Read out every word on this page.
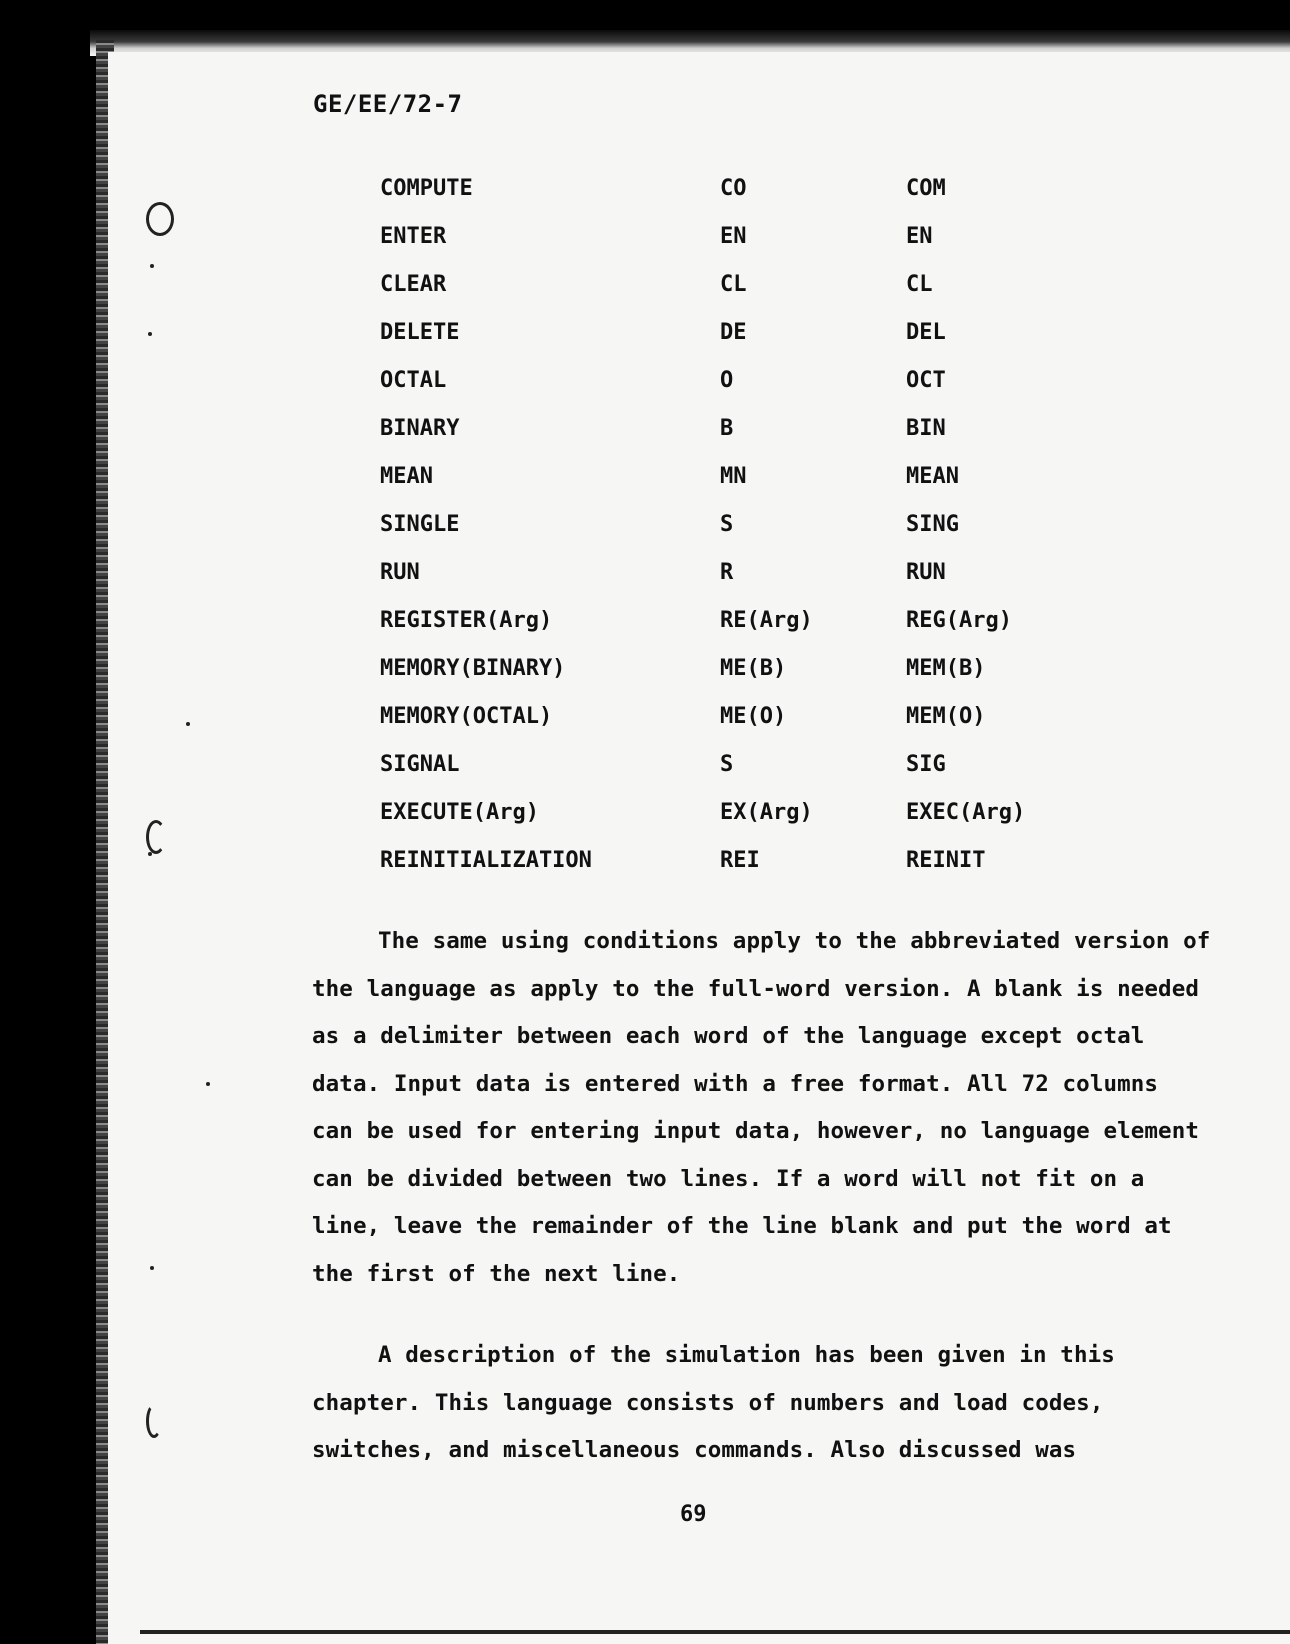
GE/EE/72-7
COMPUTE	CO	COM
ENTER	EN	EN
CLEAR	CL	CL
DELETE	DE	DEL
OCTAL	O	OCT
BINARY	B	BIN
MEAN	MN	MEAN
SINGLE	S	SING
RUN	R	RUN
REGISTER(Arg)	RE(Arg)	REG(Arg)
MEMORY(BINARY)	ME(B)	MEM(B)
MEMORY(OCTAL)	ME(O)	MEM(O)
SIGNAL	S	SIG
EXECUTE(Arg)	EX(Arg)	EXEC(Arg)
REINITIALIZATION	REI	REINIT

The same using conditions apply to the abbreviated version of the language as apply to the full-word version. A blank is needed as a delimiter between each word of the language except octal data. Input data is entered with a free format. All 72 columns can be used for entering input data, however, no language element can be divided between two lines. If a word will not fit on a line, leave the remainder of the line blank and put the word at the first of the next line.

A description of the simulation has been given in this chapter. This language consists of numbers and load codes, switches, and miscellaneous commands. Also discussed was

69
